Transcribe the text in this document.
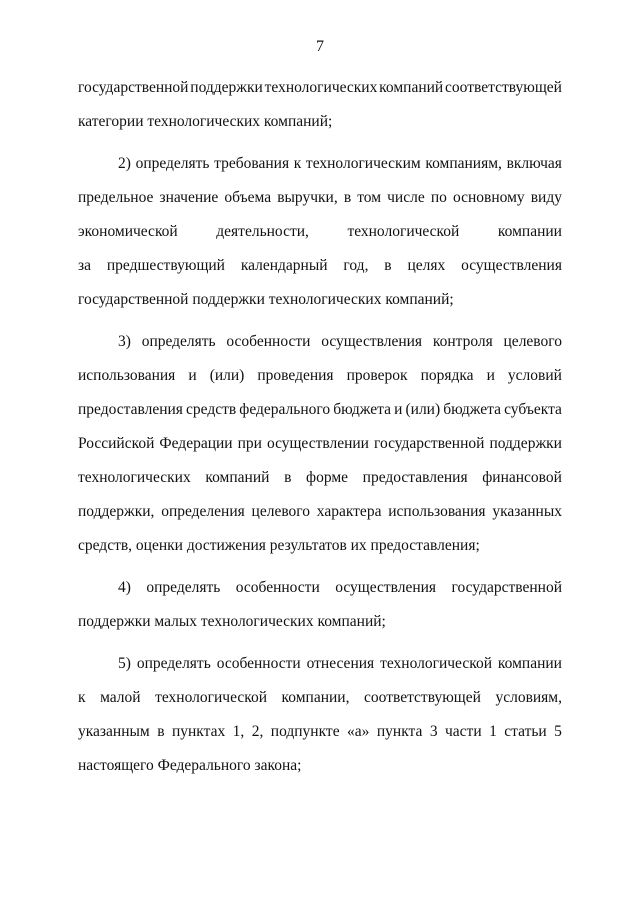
7
государственной поддержки технологических компаний соответствующей
категории технологических компаний;
2) определять требования к технологическим компаниям, включая
предельное значение объема выручки, в том числе по основному виду
экономической деятельности, технологической компании
за предшествующий календарный год, в целях осуществления
государственной поддержки технологических компаний;
3) определять особенности осуществления контроля целевого
использования и (или) проведения проверок порядка и условий
предоставления средств федерального бюджета и (или) бюджета субъекта
Российской Федерации при осуществлении государственной поддержки
технологических компаний в форме предоставления финансовой
поддержки, определения целевого характера использования указанных
средств, оценки достижения результатов их предоставления;
4) определять особенности осуществления государственной
поддержки малых технологических компаний;
5) определять особенности отнесения технологической компании
к малой технологической компании, соответствующей условиям,
указанным в пунктах 1, 2, подпункте «а» пункта 3 части 1 статьи 5
настоящего Федерального закона;
